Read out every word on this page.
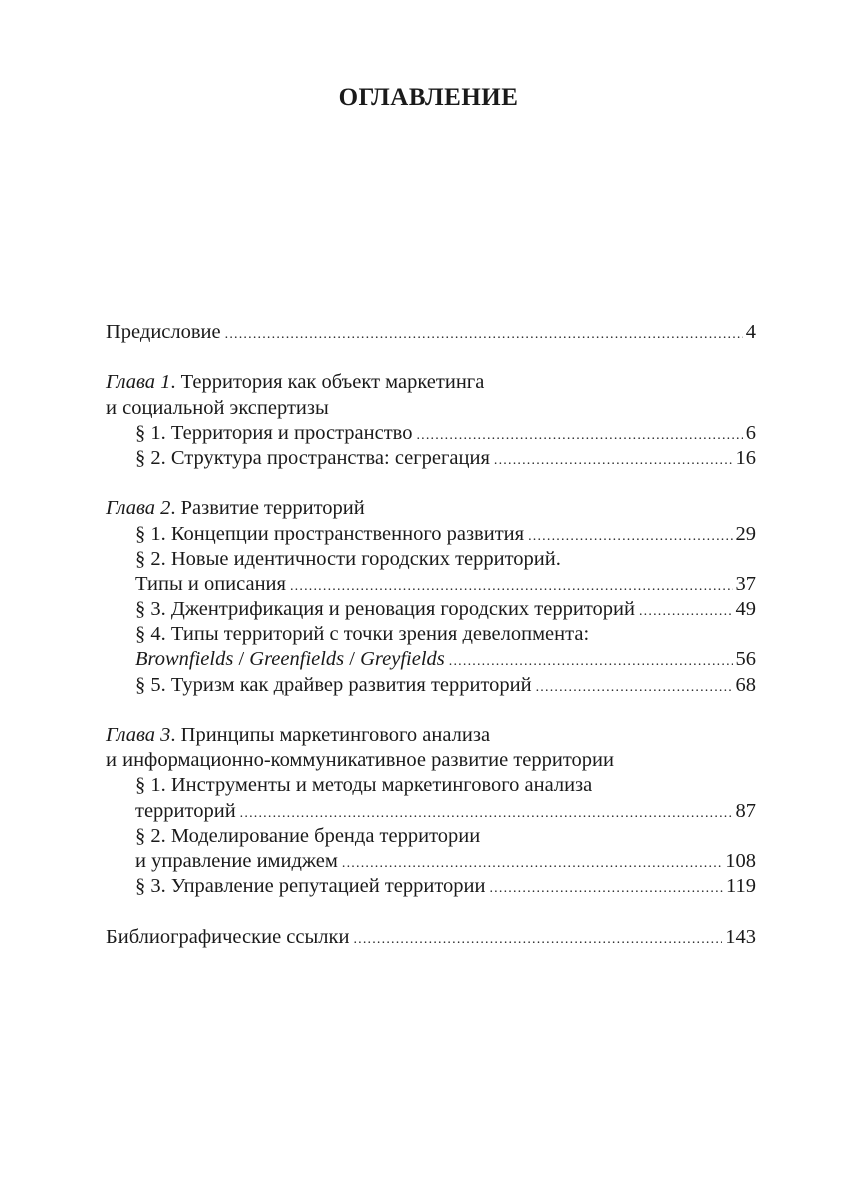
ОГЛАВЛЕНИЕ
Предисловие .....	4
Глава 1. Территория как объект маркетинга
и социальной экспертизы
§ 1. Территория и пространство .....	6
§ 2. Структура пространства: сегрегация .....	16
Глава 2. Развитие территорий
§ 1. Концепции пространственного развития .....	29
§ 2. Новые идентичности городских территорий.
Типы и описания .....	37
§ 3. Джентрификация и реновация городских территорий .....	49
§ 4. Типы территорий с точки зрения девелопмента:
Brownfields / Greenfields / Greyfields .....	56
§ 5. Туризм как драйвер развития территорий .....	68
Глава 3. Принципы маркетингового анализа
и информационно-коммуникативное развитие территории
§ 1. Инструменты и методы маркетингового анализа
территорий .....	87
§ 2. Моделирование бренда территории
и управление имиджем .....	108
§ 3. Управление репутацией территории .....	119
Библиографические ссылки .....	143
